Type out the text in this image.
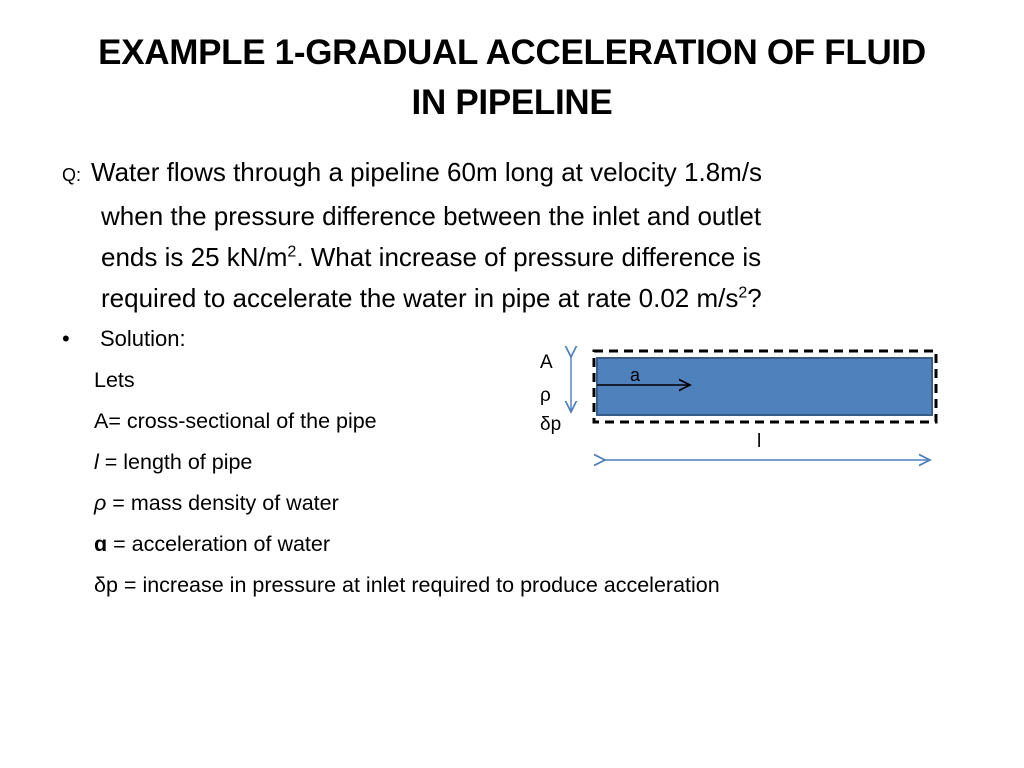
EXAMPLE 1-GRADUAL ACCELERATION OF FLUID
IN PIPELINE
Q: Water flows through a pipeline 60m long at velocity 1.8m/s
when the pressure difference between the inlet and outlet
ends is 25 $kN/m^2$. What increase of pressure difference is
required to accelerate the water in pipe at rate 0.02 $m/s^2$?
• Solution:
Lets
A= cross-sectional of the pipe
l = length of pipe
ρ = mass density of water
ɑ = acceleration of water
δp = increase in pressure at inlet required to produce acceleration
a
A
ρ
δp
l
